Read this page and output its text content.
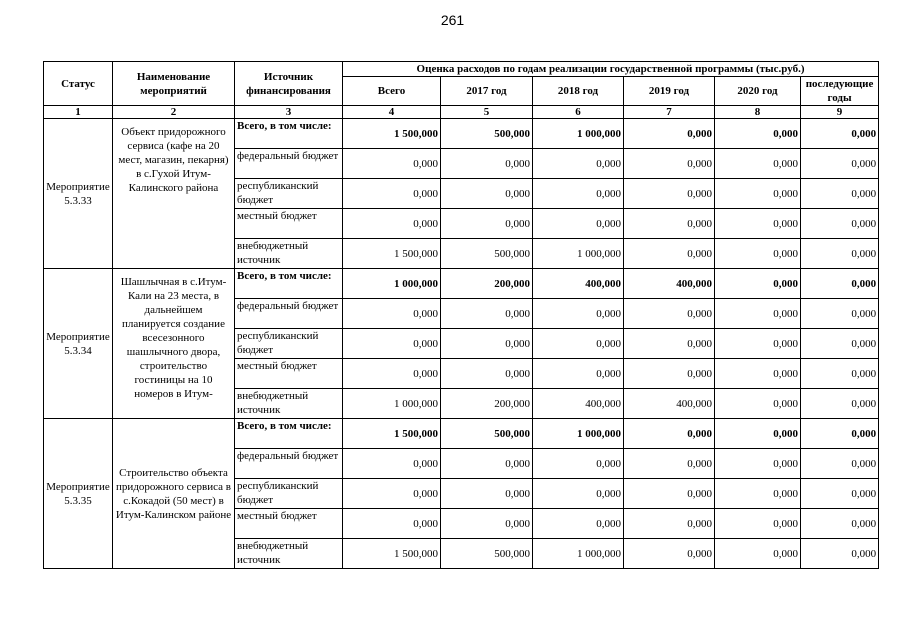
261
Статус	Наименование мероприятий	Источник финансирования	Оценка расходов по годам реализации государственной программы (тыс.руб.)					
			Всего	2017 год	2018 год	2019 год	2020 год	последующие годы
1	2	3	4	5	6	7	8	9
Мероприятие 5.3.33	Объект придорожного сервиса (кафе на 20 мест, магазин, пекарня) в с.Гухой Итум-Калинского района	Всего, в том числе:	1 500,000	500,000	1 000,000	0,000	0,000	0,000
		федеральный бюджет	0,000	0,000	0,000	0,000	0,000	0,000
		республиканский бюджет	0,000	0,000	0,000	0,000	0,000	0,000
		местный бюджет	0,000	0,000	0,000	0,000	0,000	0,000
		внебюджетный источник	1 500,000	500,000	1 000,000	0,000	0,000	0,000
Мероприятие 5.3.34	Шашлычная в с.Итум-Кали на 23 места, в дальнейшем планируется создание всесезонного шашлычного двора, строительство гостиницы на 10 номеров в Итум-	Всего, в том числе:	1 000,000	200,000	400,000	400,000	0,000	0,000
		федеральный бюджет	0,000	0,000	0,000	0,000	0,000	0,000
		республиканский бюджет	0,000	0,000	0,000	0,000	0,000	0,000
		местный бюджет	0,000	0,000	0,000	0,000	0,000	0,000
		внебюджетный источник	1 000,000	200,000	400,000	400,000	0,000	0,000
Мероприятие 5.3.35	Строительство объекта придорожного сервиса в с.Кокадой (50 мест) в Итум-Калинском районе	Всего, в том числе:	1 500,000	500,000	1 000,000	0,000	0,000	0,000
		федеральный бюджет	0,000	0,000	0,000	0,000	0,000	0,000
		республиканский бюджет	0,000	0,000	0,000	0,000	0,000	0,000
		местный бюджет	0,000	0,000	0,000	0,000	0,000	0,000
		внебюджетный источник	1 500,000	500,000	1 000,000	0,000	0,000	0,000
